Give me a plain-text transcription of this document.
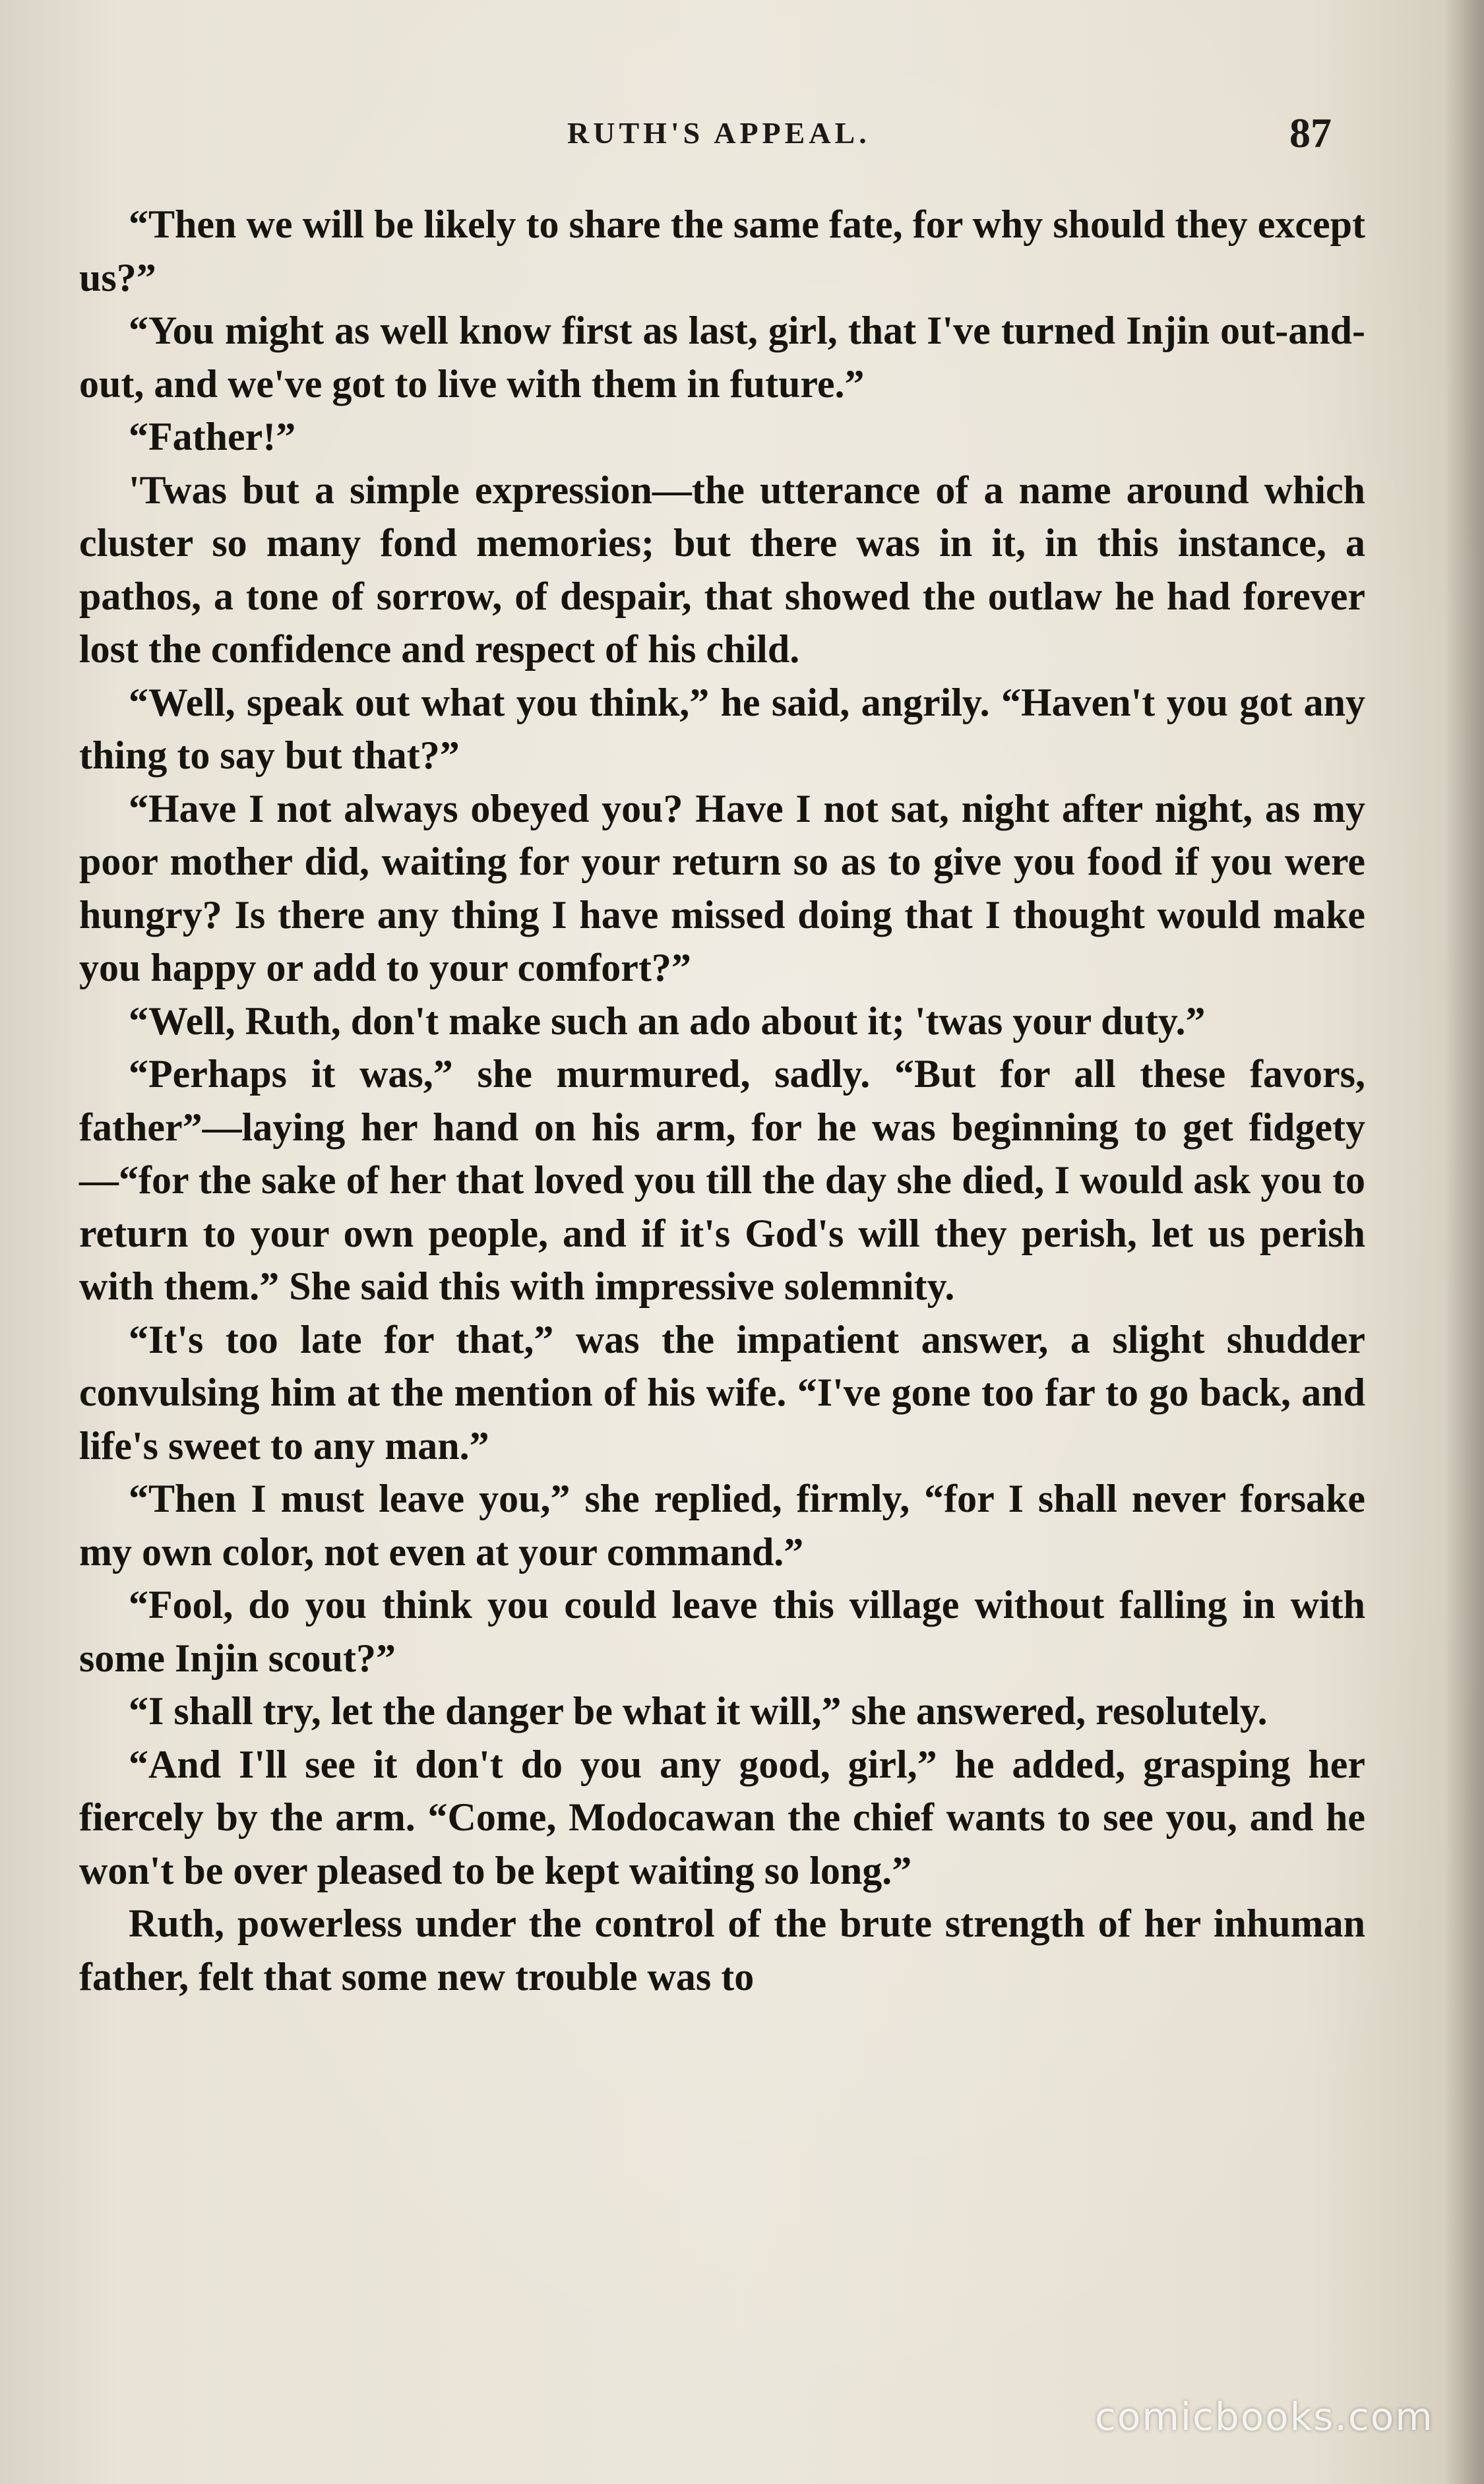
RUTH'S APPEAL.	87

“Then we will be likely to share the same fate, for why should they except us?”

“You might as well know first as last, girl, that I've turned Injin out-and-out, and we've got to live with them in future.”

“Father!”

'Twas but a simple expression—the utterance of a name around which cluster so many fond memories; but there was in it, in this instance, a pathos, a tone of sorrow, of despair, that showed the outlaw he had forever lost the confidence and respect of his child.

“Well, speak out what you think,” he said, angrily. “Haven't you got any thing to say but that?”

“Have I not always obeyed you? Have I not sat, night after night, as my poor mother did, waiting for your return so as to give you food if you were hungry? Is there any thing I have missed doing that I thought would make you happy or add to your comfort?”

“Well, Ruth, don't make such an ado about it; 'twas your duty.”

“Perhaps it was,” she murmured, sadly. “But for all these favors, father”—laying her hand on his arm, for he was beginning to get fidgety—“for the sake of her that loved you till the day she died, I would ask you to return to your own people, and if it's God's will they perish, let us perish with them.” She said this with impressive solemnity.

“It's too late for that,” was the impatient answer, a slight shudder convulsing him at the mention of his wife. “I've gone too far to go back, and life's sweet to any man.”

“Then I must leave you,” she replied, firmly, “for I shall never forsake my own color, not even at your command.”

“Fool, do you think you could leave this village without falling in with some Injin scout?”

“I shall try, let the danger be what it will,” she answered, resolutely.

“And I'll see it don't do you any good, girl,” he added, grasping her fiercely by the arm. “Come, Modocawan the chief wants to see you, and he won't be over pleased to be kept waiting so long.”

Ruth, powerless under the control of the brute strength of her inhuman father, felt that some new trouble was to

comicbooks.com
